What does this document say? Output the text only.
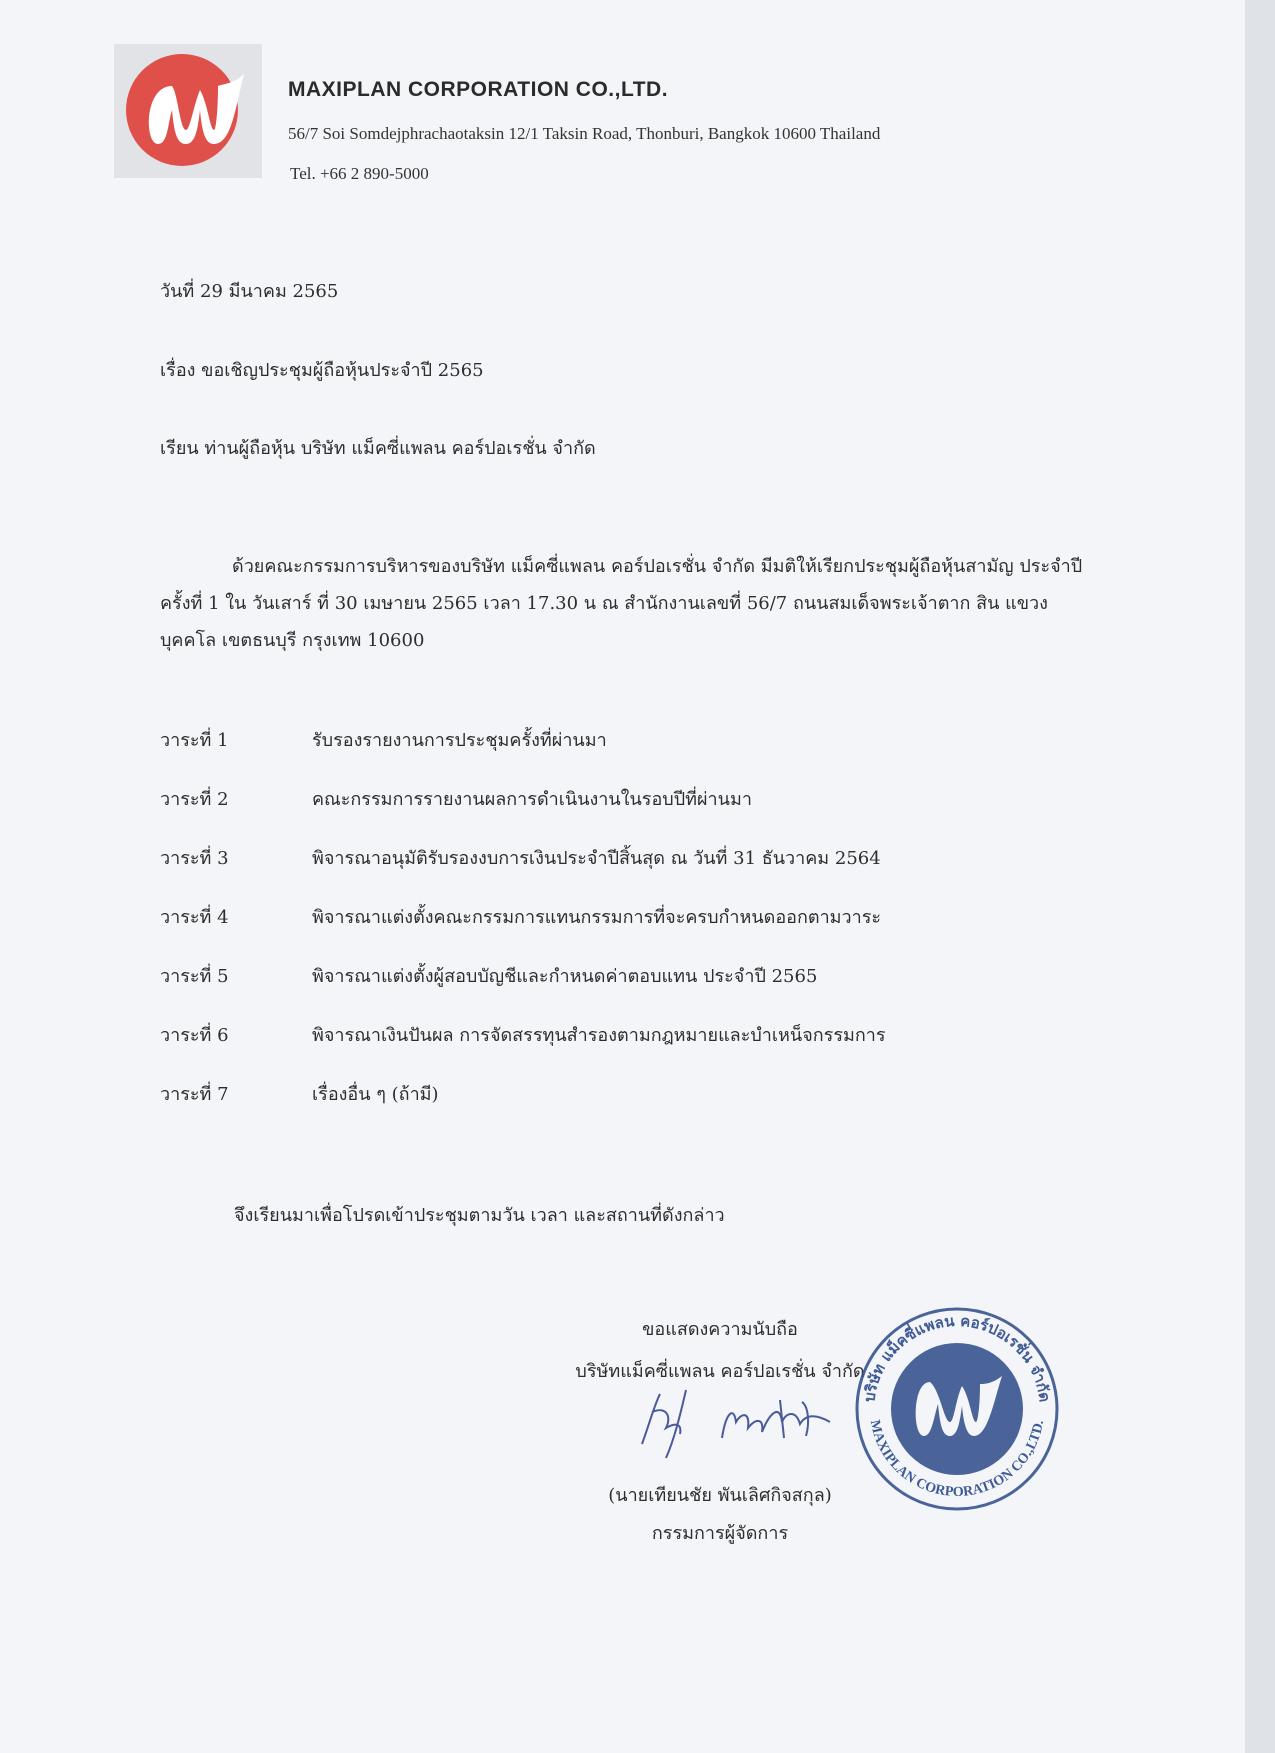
MAXIPLAN CORPORATION CO.,LTD.
56/7 Soi Somdejphrachaotaksin 12/1 Taksin Road, Thonburi, Bangkok 10600 Thailand
Tel. +66 2 890-5000
วันที่ 29 มีนาคม 2565
เรื่อง ขอเชิญประชุมผู้ถือหุ้นประจำปี 2565
เรียน ท่านผู้ถือหุ้น บริษัท แม็คซี่แพลน คอร์ปอเรชั่น จำกัด
ด้วยคณะกรรมการบริหารของบริษัท แม็คซี่แพลน คอร์ปอเรชั่น จำกัด มีมติให้เรียกประชุมผู้ถือหุ้นสามัญ ประจำปี ครั้งที่ 1 ใน วันเสาร์ ที่ 30 เมษายน 2565 เวลา 17.30 น ณ สำนักงานเลขที่ 56/7 ถนนสมเด็จพระเจ้าตาก สิน แขวงบุคคโล เขตธนบุรี กรุงเทพ 10600
วาระที่ 1	รับรองรายงานการประชุมครั้งที่ผ่านมา
วาระที่ 2	คณะกรรมการรายงานผลการดำเนินงานในรอบปีที่ผ่านมา
วาระที่ 3	พิจารณาอนุมัติรับรองงบการเงินประจำปีสิ้นสุด ณ วันที่ 31 ธันวาคม 2564
วาระที่ 4	พิจารณาแต่งตั้งคณะกรรมการแทนกรรมการที่จะครบกำหนดออกตามวาระ
วาระที่ 5	พิจารณาแต่งตั้งผู้สอบบัญชีและกำหนดค่าตอบแทน ประจำปี 2565
วาระที่ 6	พิจารณาเงินปันผล การจัดสรรทุนสำรองตามกฎหมายและบำเหน็จกรรมการ
วาระที่ 7	เรื่องอื่น ๆ (ถ้ามี)
จึงเรียนมาเพื่อโปรดเข้าประชุมตามวัน เวลา และสถานที่ดังกล่าว
ขอแสดงความนับถือ
บริษัทแม็คซี่แพลน คอร์ปอเรชั่น จำกัด
บริษัท แม็คซี่แพลน คอร์ปอเรชั่น จำกัด
MAXIPLAN CORPORATION CO.,LTD.
(นายเทียนชัย พันเลิศกิจสกุล)
กรรมการผู้จัดการ
